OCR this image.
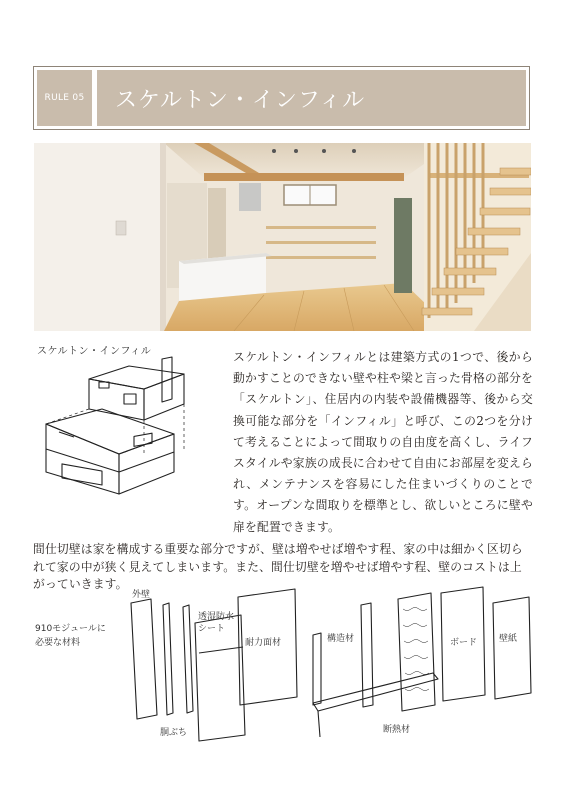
RULE 05	スケルトン・インフィル
スケルトン・インフィル	スケルトン・インフィルとは建築方式の1つで、後から動かすことのできない壁や柱や梁と言った骨格の部分を「スケルトン」、住居内の内装や設備機器等、後から交換可能な部分を「インフィル」と呼び、この2つを分けて考えることによって間取りの自由度を高くし、ライフスタイルや家族の成長に合わせて自由にお部屋を変えられ、メンテナンスを容易にした住まいづくりのことです。オープンな間取りを標準とし、欲しいところに壁や扉を配置できます。

間仕切壁は家を構成する重要な部分ですが、壁は増やせば増やす程、家の中は細かく区切られて家の中が狭く見えてしまいます。また、間仕切壁を増やせば増やす程、壁のコストは上がっていきます。

910モジュールに
必要な材料
外壁
透湿防水
シート
耐力面材
胴ぶち
構造材	ボード 壁紙
断熱材
